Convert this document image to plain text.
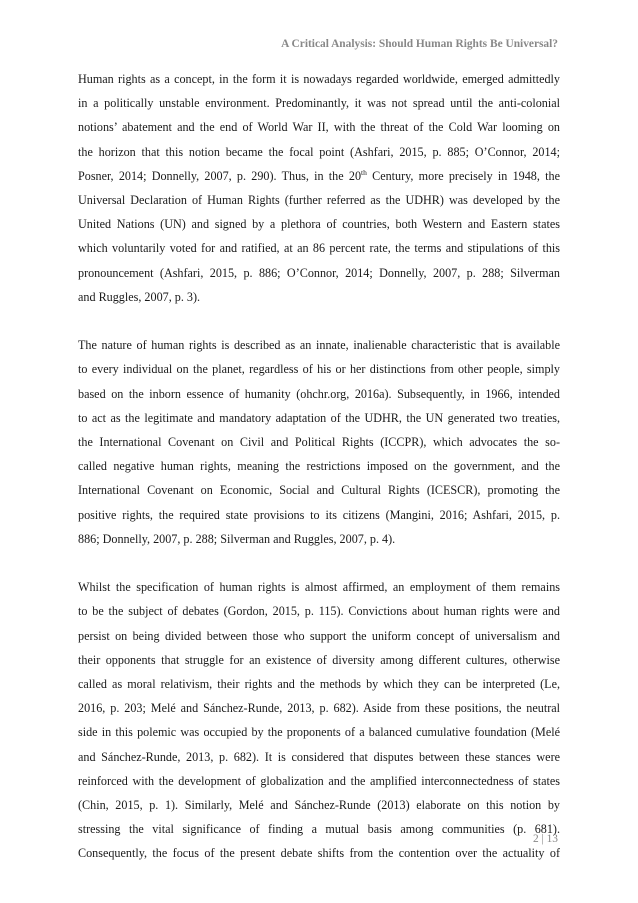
A Critical Analysis: Should Human Rights Be Universal?

Human rights as a concept, in the form it is nowadays regarded worldwide, emerged admittedly
in a politically unstable environment. Predominantly, it was not spread until the anti-colonial
notions’ abatement and the end of World War II, with the threat of the Cold War looming on
the horizon that this notion became the focal point (Ashfari, 2015, p. 885; O’Connor, 2014;
Posner, 2014; Donnelly, 2007, p. 290). Thus, in the 20th Century, more precisely in 1948, the
Universal Declaration of Human Rights (further referred as the UDHR) was developed by the
United Nations (UN) and signed by a plethora of countries, both Western and Eastern states
which voluntarily voted for and ratified, at an 86 percent rate, the terms and stipulations of this
pronouncement (Ashfari, 2015, p. 886; O’Connor, 2014; Donnelly, 2007, p. 288; Silverman
and Ruggles, 2007, p. 3).

The nature of human rights is described as an innate, inalienable characteristic that is available
to every individual on the planet, regardless of his or her distinctions from other people, simply
based on the inborn essence of humanity (ohchr.org, 2016a). Subsequently, in 1966, intended
to act as the legitimate and mandatory adaptation of the UDHR, the UN generated two treaties,
the International Covenant on Civil and Political Rights (ICCPR), which advocates the so-
called negative human rights, meaning the restrictions imposed on the government, and the
International Covenant on Economic, Social and Cultural Rights (ICESCR), promoting the
positive rights, the required state provisions to its citizens (Mangini, 2016; Ashfari, 2015, p.
886; Donnelly, 2007, p. 288; Silverman and Ruggles, 2007, p. 4).

Whilst the specification of human rights is almost affirmed, an employment of them remains
to be the subject of debates (Gordon, 2015, p. 115). Convictions about human rights were and
persist on being divided between those who support the uniform concept of universalism and
their opponents that struggle for an existence of diversity among different cultures, otherwise
called as moral relativism, their rights and the methods by which they can be interpreted (Le,
2016, p. 203; Melé and Sánchez-Runde, 2013, p. 682). Aside from these positions, the neutral
side in this polemic was occupied by the proponents of a balanced cumulative foundation (Melé
and Sánchez-Runde, 2013, p. 682). It is considered that disputes between these stances were
reinforced with the development of globalization and the amplified interconnectedness of states
(Chin, 2015, p. 1). Similarly, Melé and Sánchez-Runde (2013) elaborate on this notion by
stressing the vital significance of finding a mutual basis among communities (p. 681).
Consequently, the focus of the present debate shifts from the contention over the actuality of

2 | 13
